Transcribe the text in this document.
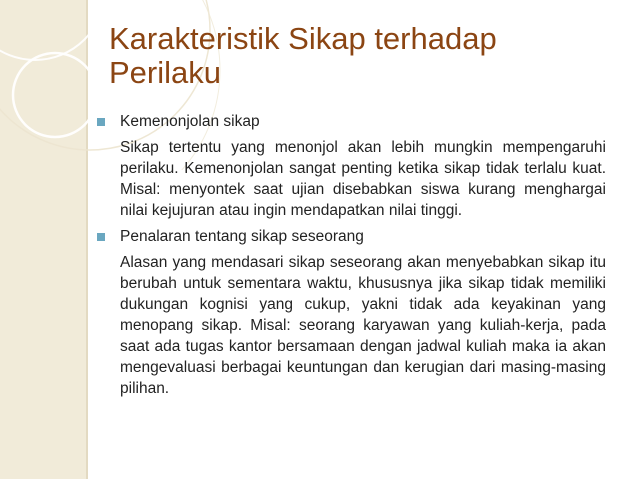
Karakteristik Sikap terhadap Perilaku
Kemenonjolan sikap
Sikap tertentu yang menonjol akan lebih mungkin mempengaruhi perilaku. Kemenonjolan sangat penting ketika sikap tidak terlalu kuat. Misal: menyontek saat ujian disebabkan siswa kurang menghargai nilai kejujuran atau ingin mendapatkan nilai tinggi.
Penalaran tentang sikap seseorang
Alasan yang mendasari sikap seseorang akan menyebabkan sikap itu berubah untuk sementara waktu, khususnya jika sikap tidak memiliki dukungan kognisi yang cukup, yakni tidak ada keyakinan yang menopang sikap. Misal: seorang karyawan yang kuliah-kerja, pada saat ada tugas kantor bersamaan dengan jadwal kuliah maka ia akan mengevaluasi berbagai keuntungan dan kerugian dari masing-masing pilihan.
